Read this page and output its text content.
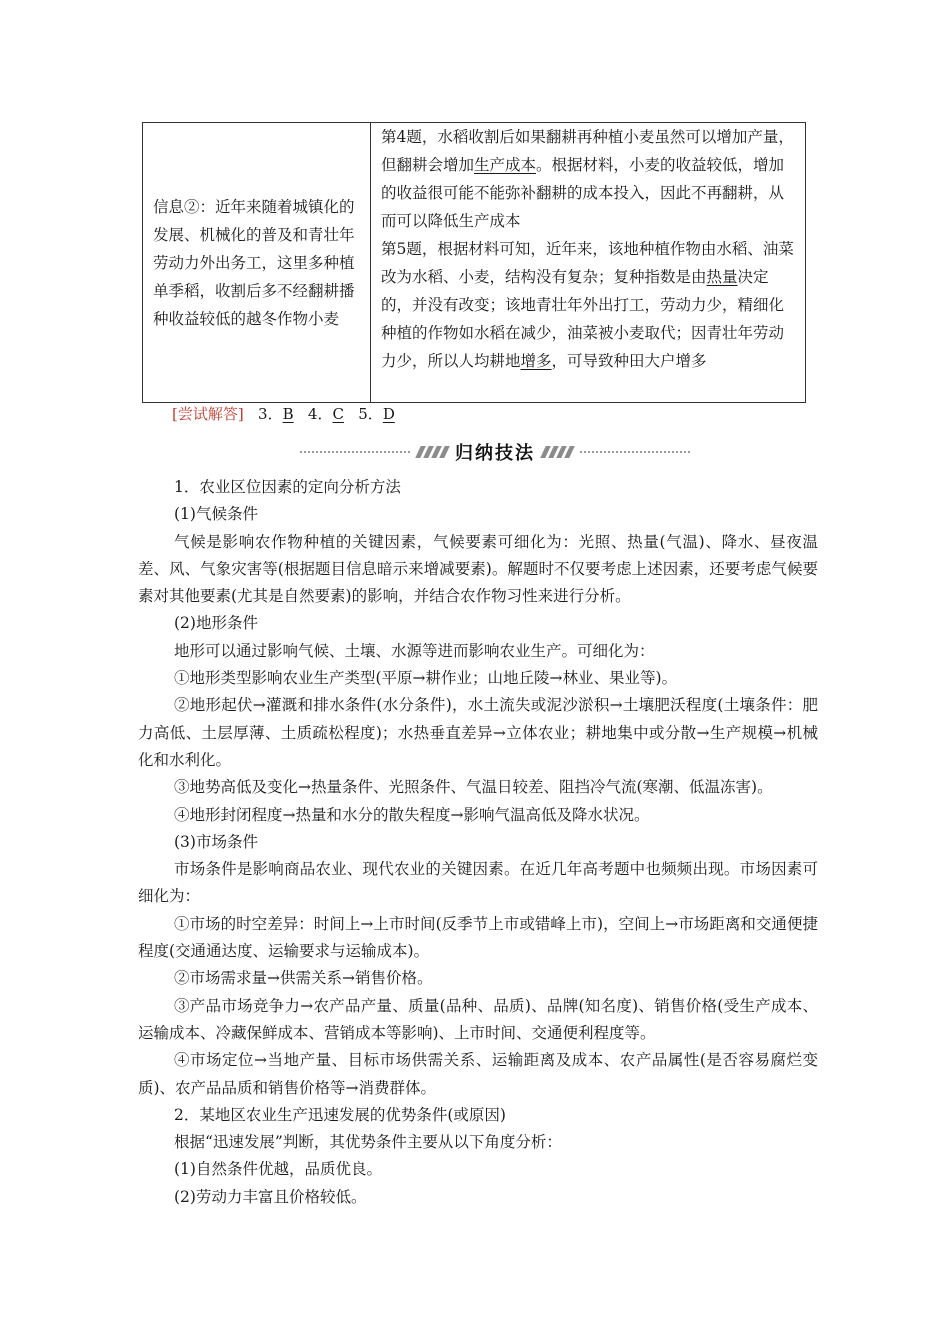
信息②：近年来随着城镇化的发展、机械化的普及和青壮年劳动力外出务工，这里多种植单季稻，收割后多不经翻耕播种收益较低的越冬作物小麦

第4题，水稻收割后如果翻耕再种植小麦虽然可以增加产量，但翻耕会增加生产成本。根据材料，小麦的收益较低，增加的收益很可能不能弥补翻耕的成本投入，因此不再翻耕，从而可以降低生产成本

第5题，根据材料可知，近年来，该地种植作物由水稻、油菜改为水稻、小麦，结构没有复杂；复种指数是由热量决定的，并没有改变；该地青壮年外出打工，劳动力少，精细化种植的作物如水稻在减少，油菜被小麦取代；因青壮年劳动力少，所以人均耕地增多，可导致种田大户增多

[尝试解答] 3．B 4．C 5．D
归纳技法

1．农业区位因素的定向分析方法

(1)气候条件

气候是影响农作物种植的关键因素，气候要素可细化为：光照、热量(气温)、降水、昼夜温差、风、气象灾害等(根据题目信息暗示来增减要素)。解题时不仅要考虑上述因素，还要考虑气候要素对其他要素(尤其是自然要素)的影响，并结合农作物习性来进行分析。

(2)地形条件

地形可以通过影响气候、土壤、水源等进而影响农业生产。可细化为：

①地形类型影响农业生产类型(平原→耕作业；山地丘陵→林业、果业等)。

②地形起伏→灌溉和排水条件(水分条件)，水土流失或泥沙淤积→土壤肥沃程度(土壤条件：肥力高低、土层厚薄、土质疏松程度)；水热垂直差异→立体农业；耕地集中或分散→生产规模→机械化和水利化。

③地势高低及变化→热量条件、光照条件、气温日较差、阻挡冷气流(寒潮、低温冻害)。

④地形封闭程度→热量和水分的散失程度→影响气温高低及降水状况。

(3)市场条件

市场条件是影响商品农业、现代农业的关键因素。在近几年高考题中也频频出现。市场因素可细化为：

①市场的时空差异：时间上→上市时间(反季节上市或错峰上市)，空间上→市场距离和交通便捷程度(交通通达度、运输要求与运输成本)。

②市场需求量→供需关系→销售价格。

③产品市场竞争力→农产品产量、质量(品种、品质)、品牌(知名度)、销售价格(受生产成本、运输成本、冷藏保鲜成本、营销成本等影响)、上市时间、交通便利程度等。

④市场定位→当地产量、目标市场供需关系、运输距离及成本、农产品属性(是否容易腐烂变质)、农产品品质和销售价格等→消费群体。

2．某地区农业生产迅速发展的优势条件(或原因)

根据“迅速发展”判断，其优势条件主要从以下角度分析：

(1)自然条件优越，品质优良。

(2)劳动力丰富且价格较低。
